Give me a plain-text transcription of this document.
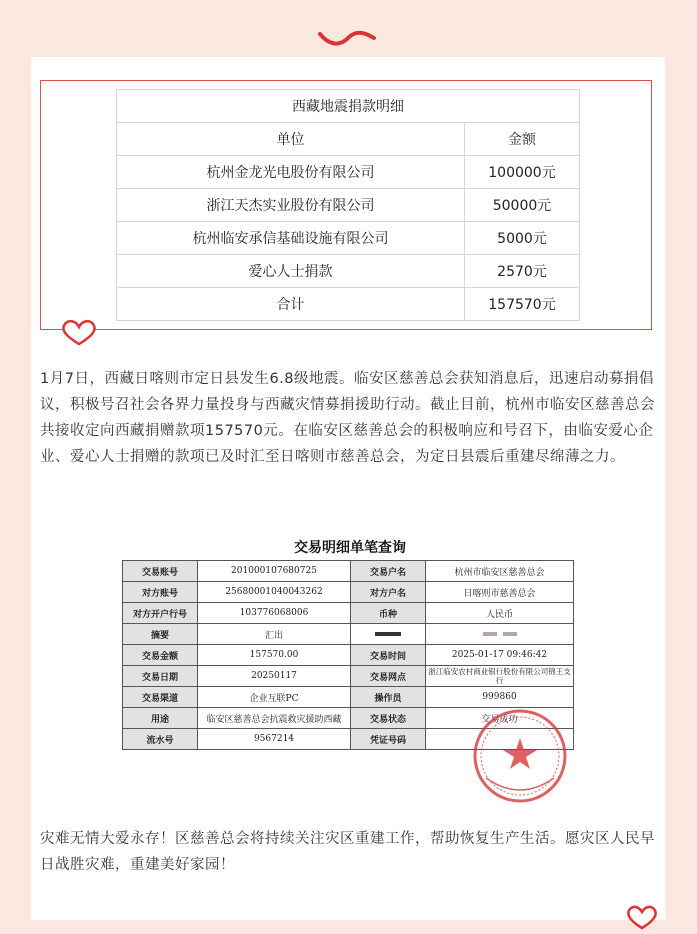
西藏地震捐款明细	
单位	金额
杭州金龙光电股份有限公司	100000元
浙江天杰实业股份有限公司	50000元
杭州临安承信基础设施有限公司	5000元
爱心人士捐款	2570元
合计	157570元

1月7日，西藏日喀则市定日县发生6.8级地震。临安区慈善总会获知消息后，迅速启动募捐倡议，积极号召社会各界力量投身与西藏灾情募捐援助行动。截止目前，杭州市临安区慈善总会共接收定向西藏捐赠款项157570元。在临安区慈善总会的积极响应和号召下，由临安爱心企业、爱心人士捐赠的款项已及时汇至日喀则市慈善总会，为定日县震后重建尽绵薄之力。

交易明细单笔查询
交易账号	201000107680725	交易户名	杭州市临安区慈善总会
对方账号	25680001040043262	对方户名	日喀则市慈善总会
对方开户行号	103776068006	币种	人民币
摘要	汇出		
交易金额	157570.00	交易时间	2025-01-17 09:46:42
交易日期	20250117	交易网点	浙江临安农村商业银行股份有限公司锦王支行
交易渠道	企业互联PC	操作员	999860
用途	临安区慈善总会抗震救灾援助西藏	交易状态	交易成功
流水号	9567214	凭证号码	

灾难无情大爱永存！区慈善总会将持续关注灾区重建工作，帮助恢复生产生活。愿灾区人民早日战胜灾难，重建美好家园！
